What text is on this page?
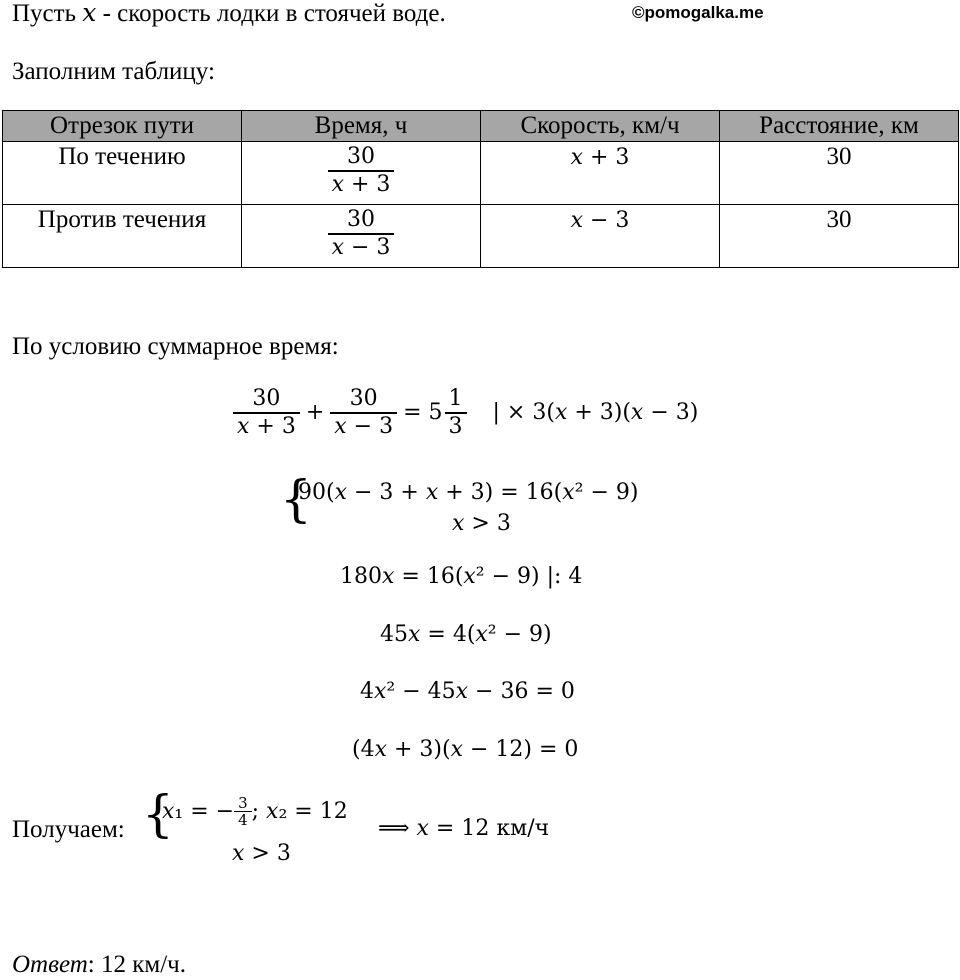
Пусть x - скорость лодки в стоячей воде.	©pomogalka.me
Заполним таблицу:
Отрезок пути	Время, ч	Скорость, км/ч	Расстояние, км
По течению	$\frac{30}{\text{𝑥 + 3}}$	𝑥 + 3	30
Против течения	$\frac{30}{\text{𝑥 − 3}}$	𝑥 − 3	30
По условию суммарное время:
$\frac{30}{\text{𝑥 + 3}} + \frac{30}{\text{𝑥 − 3}} = 5 \frac{1}{3}$ | × 3(𝑥 + 3)(𝑥 − 3)
{
90(𝑥 − 3 + 𝑥 + 3) = 16(𝑥² − 9)
𝑥 > 3
180𝑥 = 16(𝑥² − 9) |: 4
45𝑥 = 4(𝑥² − 9)
4𝑥² − 45𝑥 − 36 = 0
(4𝑥 + 3)(𝑥 − 12) = 0
Получаем: {
𝑥₁ = − $\frac{3}{4}$ ; 𝑥₂ = 12
𝑥 > 3
⟹ 𝑥 = 12 км/ч
Ответ: 12 км/ч.
